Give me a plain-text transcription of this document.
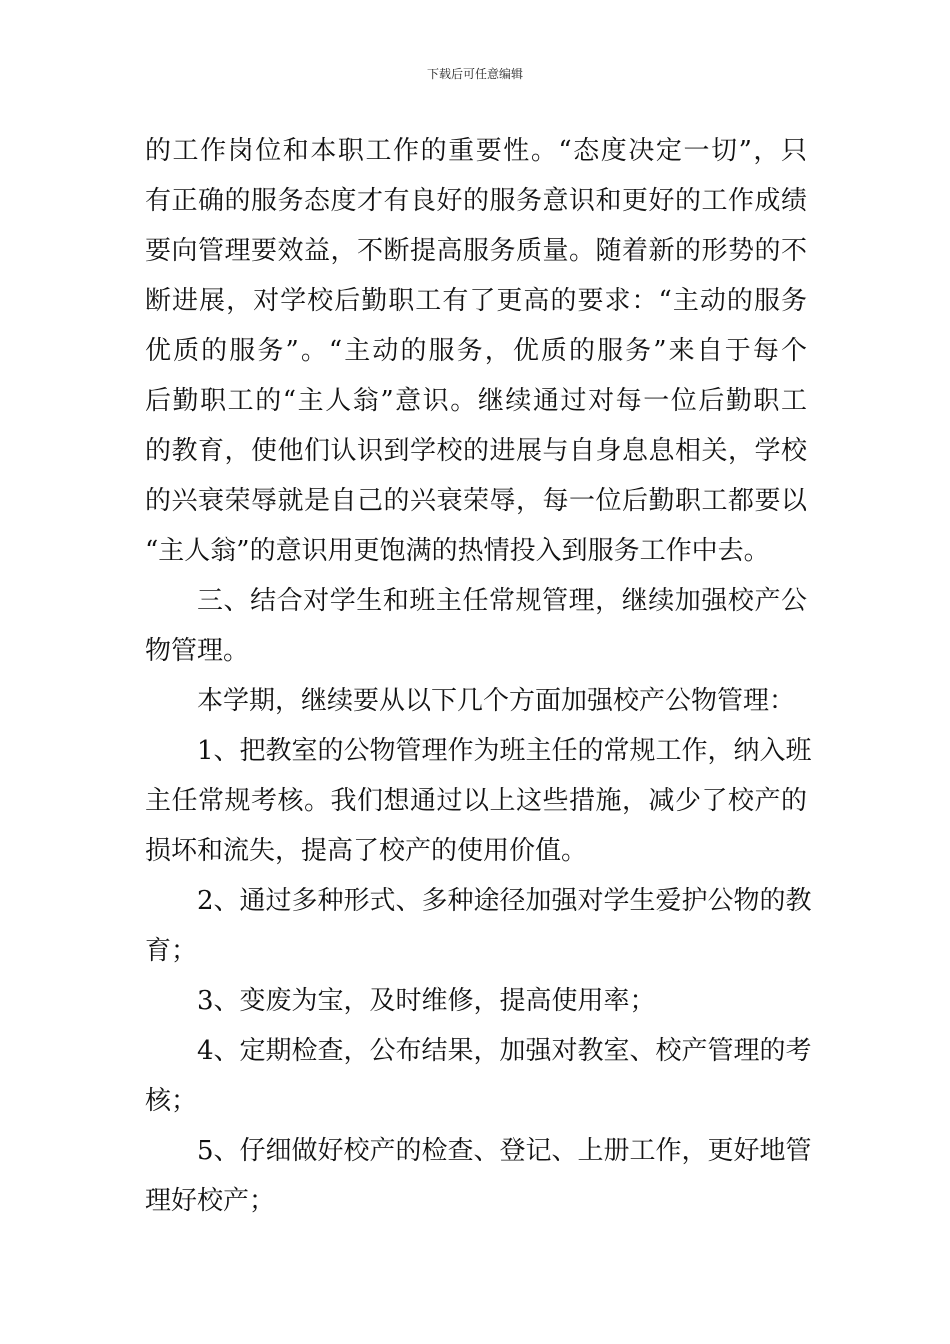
下载后可任意编辑
的工作岗位和本职工作的重要性。“态度决定一切”，只
有正确的服务态度才有良好的服务意识和更好的工作成绩
要向管理要效益，不断提高服务质量。随着新的形势的不
断进展，对学校后勤职工有了更高的要求：“主动的服务
优质的服务”。“主动的服务，优质的服务”来自于每个
后勤职工的“主人翁”意识。继续通过对每一位后勤职工
的教育，使他们认识到学校的进展与自身息息相关，学校
的兴衰荣辱就是自己的兴衰荣辱，每一位后勤职工都要以
“主人翁”的意识用更饱满的热情投入到服务工作中去。
三、结合对学生和班主任常规管理，继续加强校产公
物管理。
本学期，继续要从以下几个方面加强校产公物管理：
1、把教室的公物管理作为班主任的常规工作，纳入班
主任常规考核。我们想通过以上这些措施，减少了校产的
损坏和流失，提高了校产的使用价值。
2、通过多种形式、多种途径加强对学生爱护公物的教
育；
3、变废为宝，及时维修，提高使用率；
4、定期检查，公布结果，加强对教室、校产管理的考
核；
5、仔细做好校产的检查、登记、上册工作，更好地管
理好校产；
